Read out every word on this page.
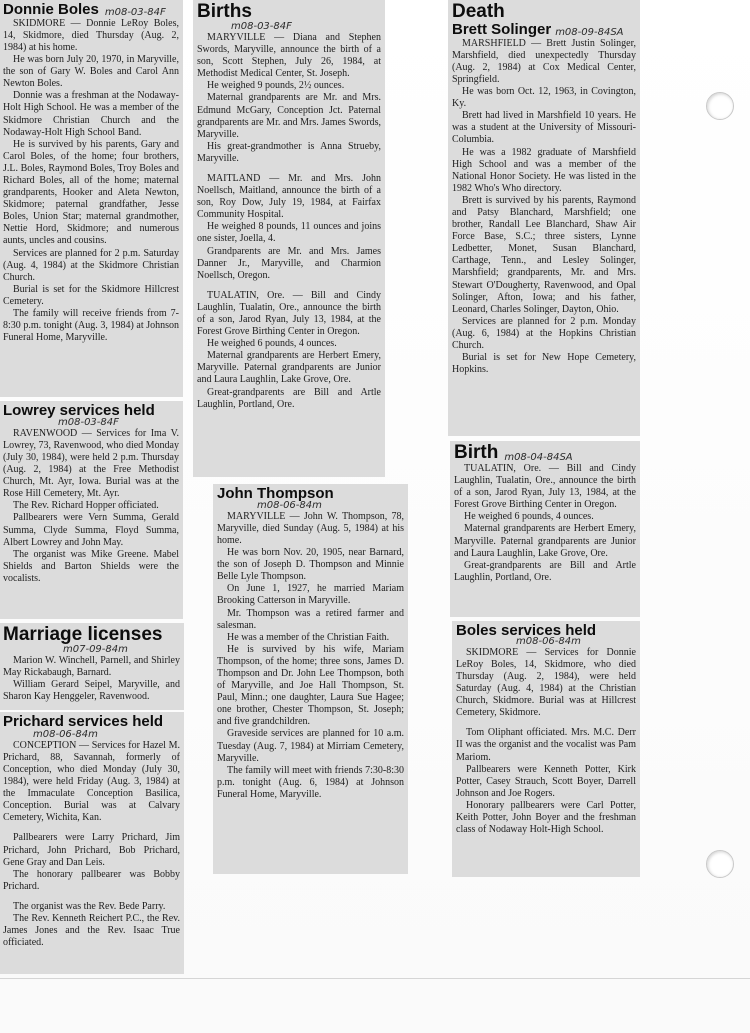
Donnie Boles m08-03-84F

SKIDMORE — Donnie LeRoy Boles, 14, Skidmore, died Thursday (Aug. 2, 1984) at his home.

He was born July 20, 1970, in Maryville, the son of Gary W. Boles and Carol Ann Newton Boles.

Donnie was a freshman at the Nodaway-Holt High School. He was a member of the Skidmore Christian Church and the Nodaway-Holt High School Band.

He is survived by his parents, Gary and Carol Boles, of the home; four brothers, J.L. Boles, Raymond Boles, Troy Boles and Richard Boles, all of the home; maternal grandparents, Hooker and Aleta Newton, Skidmore; paternal grandfather, Jesse Boles, Union Star; maternal grandmother, Nettie Hord, Skidmore; and numerous aunts, uncles and cousins.

Services are planned for 2 p.m. Saturday (Aug. 4, 1984) at the Skidmore Christian Church.

Burial is set for the Skidmore Hillcrest Cemetery.

The family will receive friends from 7-8:30 p.m. tonight (Aug. 3, 1984) at Johnson Funeral Home, Maryville.

Lowrey services held
m08-03-84F

RAVENWOOD — Services for Ima V. Lowrey, 73, Ravenwood, who died Monday (July 30, 1984), were held 2 p.m. Thursday (Aug. 2, 1984) at the Free Methodist Church, Mt. Ayr, Iowa. Burial was at the Rose Hill Cemetery, Mt. Ayr.

The Rev. Richard Hopper officiated.

Pallbearers were Vern Summa, Gerald Summa, Clyde Summa, Floyd Summa, Albert Lowrey and John May.

The organist was Mike Greene. Mabel Shields and Barton Shields were the vocalists.

Marriage licenses
m07-09-84m

Marion W. Winchell, Parnell, and Shirley May Rickabaugh, Barnard.

William Gerard Seipel, Maryville, and Sharon Kay Henggeler, Ravenwood.

Prichard services held
m08-06-84m

CONCEPTION — Services for Hazel M. Prichard, 88, Savannah, formerly of Conception, who died Monday (July 30, 1984), were held Friday (Aug. 3, 1984) at the Immaculate Conception Basilica, Conception. Burial was at Calvary Cemetery, Wichita, Kan.

Pallbearers were Larry Prichard, Jim Prichard, John Prichard, Bob Prichard, Gene Gray and Dan Leis.

The honorary pallbearer was Bobby Prichard.

The organist was the Rev. Bede Parry.

The Rev. Kenneth Reichert P.C., the Rev. James Jones and the Rev. Isaac True officiated.

Births
m08-03-84F

MARYVILLE — Diana and Stephen Swords, Maryville, announce the birth of a son, Scott Stephen, July 26, 1984, at Methodist Medical Center, St. Joseph.

He weighed 9 pounds, 2½ ounces.

Maternal grandparents are Mr. and Mrs. Edmund McGary, Conception Jct. Paternal grandparents are Mr. and Mrs. James Swords, Maryville.

His great-grandmother is Anna Strueby, Maryville.

MAITLAND — Mr. and Mrs. John Noellsch, Maitland, announce the birth of a son, Roy Dow, July 19, 1984, at Fairfax Community Hospital.

He weighed 8 pounds, 11 ounces and joins one sister, Joella, 4.

Grandparents are Mr. and Mrs. James Danner Jr., Maryville, and Charmion Noellsch, Oregon.

TUALATIN, Ore. — Bill and Cindy Laughlin, Tualatin, Ore., announce the birth of a son, Jarod Ryan, July 13, 1984, at the Forest Grove Birthing Center in Oregon.

He weighed 6 pounds, 4 ounces.

Maternal grandparents are Herbert Emery, Maryville. Paternal grandparents are Junior and Laura Laughlin, Lake Grove, Ore.

Great-grandparents are Bill and Artle Laughlin, Portland, Ore.

John Thompson
m08-06-84m

MARYVILLE — John W. Thompson, 78, Maryville, died Sunday (Aug. 5, 1984) at his home.

He was born Nov. 20, 1905, near Barnard, the son of Joseph D. Thompson and Minnie Belle Lyle Thompson.

On June 1, 1927, he married Mariam Brooking Catterson in Maryville.

Mr. Thompson was a retired farmer and salesman.

He was a member of the Christian Faith.

He is survived by his wife, Mariam Thompson, of the home; three sons, James D. Thompson and Dr. John Lee Thompson, both of Maryville, and Joe Hall Thompson, St. Paul, Minn.; one daughter, Laura Sue Hagee; one brother, Chester Thompson, St. Joseph; and five grandchildren.

Graveside services are planned for 10 a.m. Tuesday (Aug. 7, 1984) at Mirriam Cemetery, Maryville.

The family will meet with friends 7:30-8:30 p.m. tonight (Aug. 6, 1984) at Johnson Funeral Home, Maryville.

Death
Brett Solinger m08-09-84SA

MARSHFIELD — Brett Justin Solinger, Marshfield, died unexpectedly Thursday (Aug. 2, 1984) at Cox Medical Center, Springfield.

He was born Oct. 12, 1963, in Covington, Ky.

Brett had lived in Marshfield 10 years. He was a student at the University of Missouri-Columbia.

He was a 1982 graduate of Marshfield High School and was a member of the National Honor Society. He was listed in the 1982 Who's Who directory.

Brett is survived by his parents, Raymond and Patsy Blanchard, Marshfield; one brother, Randall Lee Blanchard, Shaw Air Force Base, S.C.; three sisters, Lynne Ledbetter, Monet, Susan Blanchard, Carthage, Tenn., and Lesley Solinger, Marshfield; grandparents, Mr. and Mrs. Stewart O'Dougherty, Ravenwood, and Opal Solinger, Afton, Iowa; and his father, Leonard, Charles Solinger, Dayton, Ohio.

Services are planned for 2 p.m. Monday (Aug. 6, 1984) at the Hopkins Christian Church.

Burial is set for New Hope Cemetery, Hopkins.

Birth m08-04-84SA

TUALATIN, Ore. — Bill and Cindy Laughlin, Tualatin, Ore., announce the birth of a son, Jarod Ryan, July 13, 1984, at the Forest Grove Birthing Center in Oregon.

He weighed 6 pounds, 4 ounces.

Maternal grandparents are Herbert Emery, Maryville. Paternal grandparents are Junior and Laura Laughlin, Lake Grove, Ore.

Great-grandparents are Bill and Artle Laughlin, Portland, Ore.

Boles services held
m08-06-84m

SKIDMORE — Services for Donnie LeRoy Boles, 14, Skidmore, who died Thursday (Aug. 2, 1984), were held Saturday (Aug. 4, 1984) at the Christian Church, Skidmore. Burial was at Hillcrest Cemetery, Skidmore.

Tom Oliphant officiated. Mrs. M.C. Derr II was the organist and the vocalist was Pam Mariom.

Pallbearers were Kenneth Potter, Kirk Potter, Casey Strauch, Scott Boyer, Darrell Johnson and Joe Rogers.

Honorary pallbearers were Carl Potter, Keith Potter, John Boyer and the freshman class of Nodaway Holt-High School.
